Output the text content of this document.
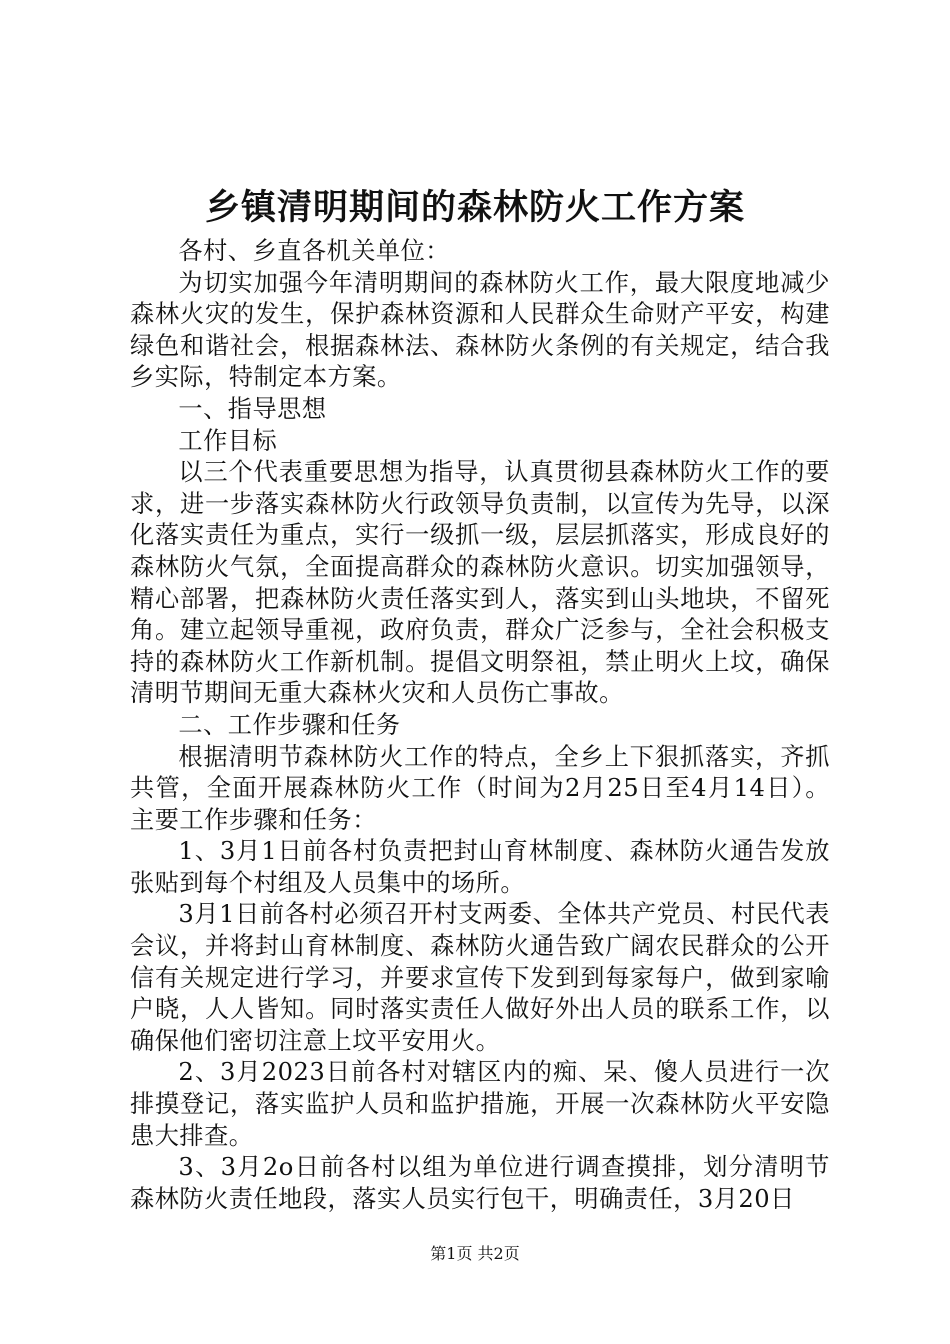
乡镇清明期间的森林防火工作方案

各村、乡直各机关单位：

为切实加强今年清明期间的森林防火工作，最大限度地减少森林火灾的发生，保护森林资源和人民群众生命财产平安，构建绿色和谐社会，根据森林法、森林防火条例的有关规定，结合我乡实际，特制定本方案。

一、指导思想

工作目标

以三个代表重要思想为指导，认真贯彻县森林防火工作的要求，进一步落实森林防火行政领导负责制，以宣传为先导，以深化落实责任为重点，实行一级抓一级，层层抓落实，形成良好的森林防火气氛，全面提高群众的森林防火意识。切实加强领导，精心部署，把森林防火责任落实到人，落实到山头地块，不留死角。建立起领导重视，政府负责，群众广泛参与，全社会积极支持的森林防火工作新机制。提倡文明祭祖，禁止明火上坟，确保清明节期间无重大森林火灾和人员伤亡事故。

二、工作步骤和任务

根据清明节森林防火工作的特点，全乡上下狠抓落实，齐抓共管，全面开展森林防火工作（时间为2月25日至4月14日）。主要工作步骤和任务：

1、3月1日前各村负责把封山育林制度、森林防火通告发放张贴到每个村组及人员集中的场所。

3月1日前各村必须召开村支两委、全体共产党员、村民代表会议，并将封山育林制度、森林防火通告致广阔农民群众的公开信有关规定进行学习，并要求宣传下发到到每家每户，做到家喻户晓，人人皆知。同时落实责任人做好外出人员的联系工作，以确保他们密切注意上坟平安用火。

2、3月2023日前各村对辖区内的痴、呆、傻人员进行一次排摸登记，落实监护人员和监护措施，开展一次森林防火平安隐患大排查。

3、3月2o日前各村以组为单位进行调查摸排，划分清明节森林防火责任地段，落实人员实行包干，明确责任，3月20日

第1页 共2页
